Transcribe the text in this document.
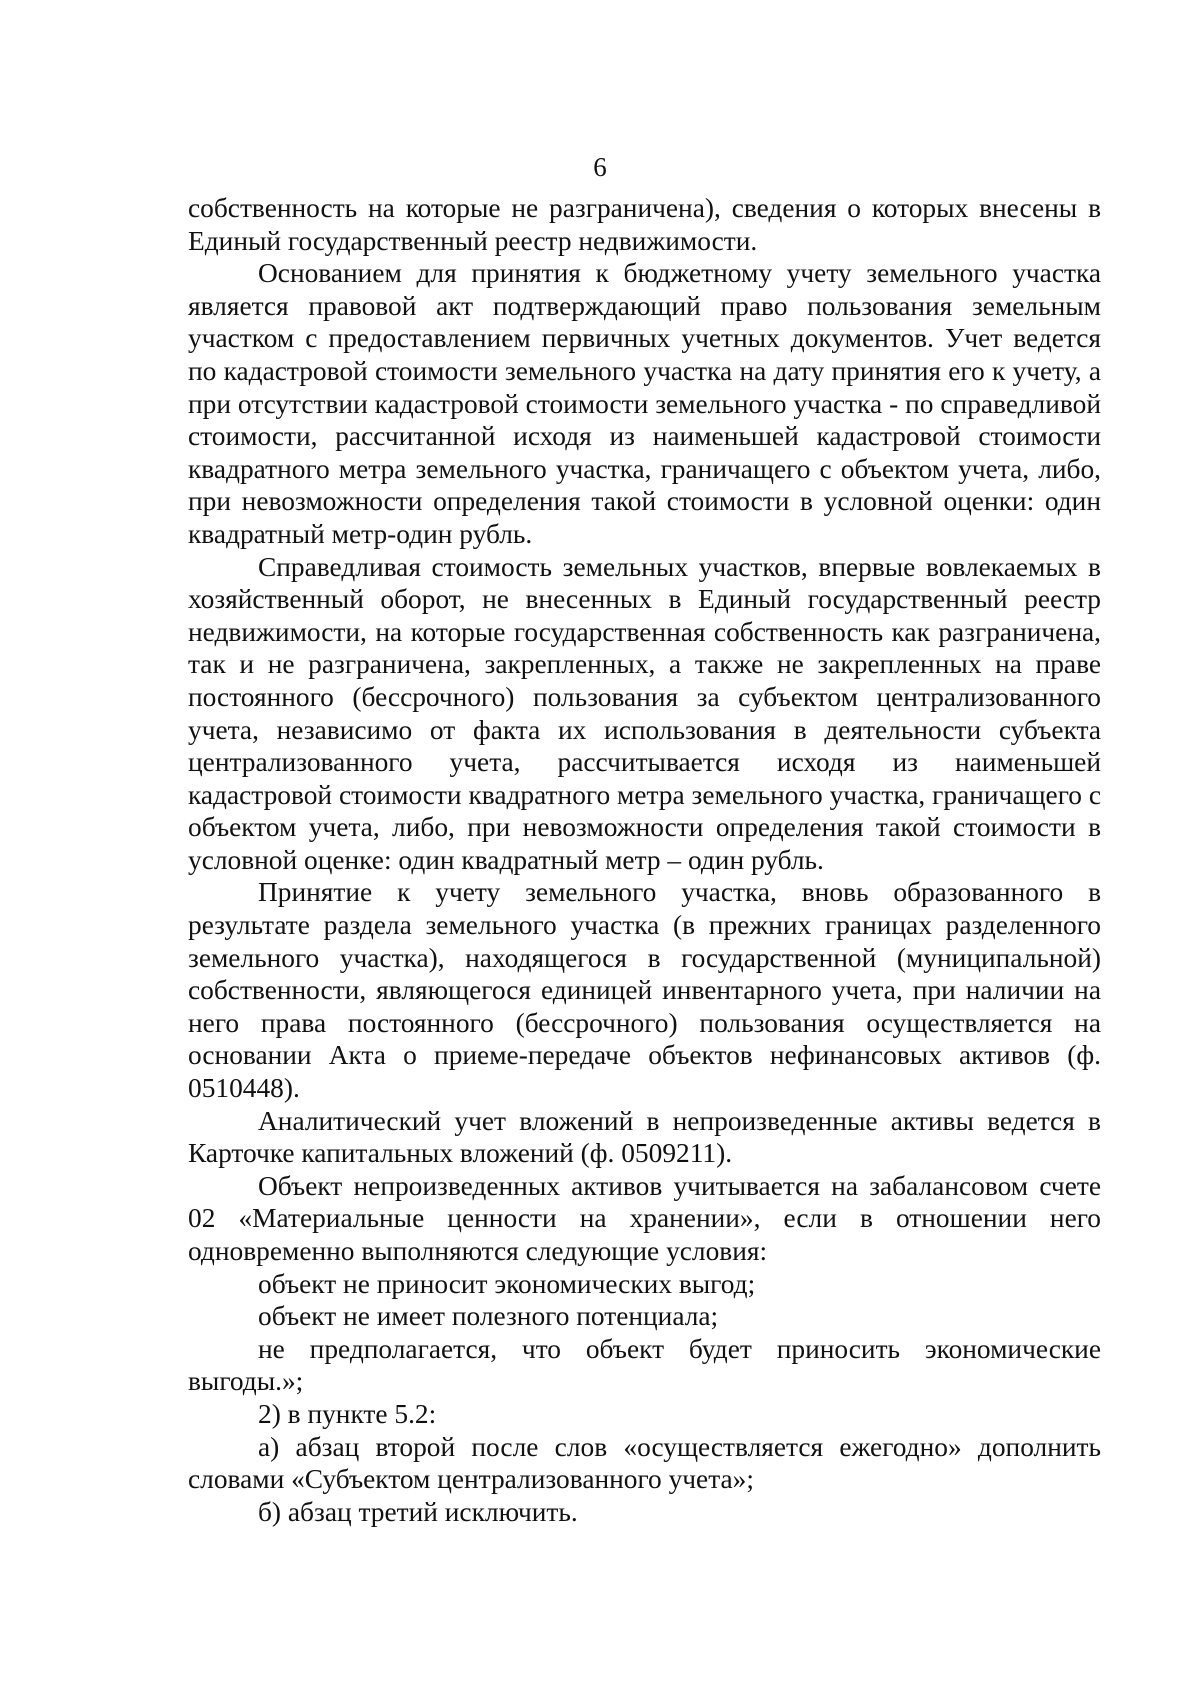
6

собственность на которые не разграничена), сведения о которых внесены в Единый государственный реестр недвижимости.

Основанием для принятия к бюджетному учету земельного участка является правовой акт подтверждающий право пользования земельным участком с предоставлением первичных учетных документов. Учет ведется по кадастровой стоимости земельного участка на дату принятия его к учету, а при отсутствии кадастровой стоимости земельного участка - по справедливой стоимости, рассчитанной исходя из наименьшей кадастровой стоимости квадратного метра земельного участка, граничащего с объектом учета, либо, при невозможности определения такой стоимости в условной оценки: один квадратный метр-один рубль.

Справедливая стоимость земельных участков, впервые вовлекаемых в хозяйственный оборот, не внесенных в Единый государственный реестр недвижимости, на которые государственная собственность как разграничена, так и не разграничена, закрепленных, а также не закрепленных на праве постоянного (бессрочного) пользования за субъектом централизованного учета, независимо от факта их использования в деятельности субъекта централизованного учета, рассчитывается исходя из наименьшей кадастровой стоимости квадратного метра земельного участка, граничащего с объектом учета, либо, при невозможности определения такой стоимости в условной оценке: один квадратный метр – один рубль.

Принятие к учету земельного участка, вновь образованного в результате раздела земельного участка (в прежних границах разделенного земельного участка), находящегося в государственной (муниципальной) собственности, являющегося единицей инвентарного учета, при наличии на него права постоянного (бессрочного) пользования осуществляется на основании Акта о приеме-передаче объектов нефинансовых активов (ф. 0510448).

Аналитический учет вложений в непроизведенные активы ведется в Карточке капитальных вложений (ф. 0509211).

Объект непроизведенных активов учитывается на забалансовом счете 02 «Материальные ценности на хранении», если в отношении него одновременно выполняются следующие условия:

объект не приносит экономических выгод;

объект не имеет полезного потенциала;

не предполагается, что объект будет приносить экономические выгоды.»;

2) в пункте 5.2:

а) абзац второй после слов «осуществляется ежегодно» дополнить словами «Субъектом централизованного учета»;

б) абзац третий исключить.
